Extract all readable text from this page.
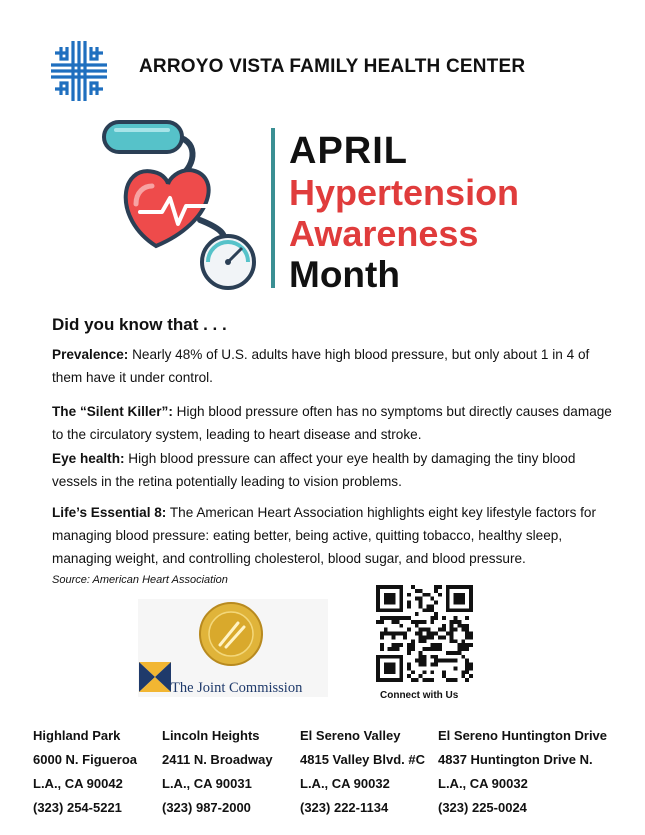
ARROYO VISTA FAMILY HEALTH CENTER
APRIL
Hypertension
Awareness
Month
Did you know that . . .
Prevalence: Nearly 48% of U.S. adults have high blood pressure, but only about 1 in 4 of them have it under control.
The “Silent Killer”: High blood pressure often has no symptoms but directly causes damage to the circulatory system, leading to heart disease and stroke.
Eye health: High blood pressure can affect your eye health by damaging the tiny blood vessels in the retina potentially leading to vision problems.
Life’s Essential 8: The American Heart Association highlights eight key lifestyle factors for managing blood pressure: eating better, being active, quitting tobacco, healthy sleep, managing weight, and controlling cholesterol, blood sugar, and blood pressure.
Source: American Heart Association
The Joint Commission	Connect with Us
Highland Park
6000 N. Figueroa
L.A., CA 90042
(323) 254-5221
Lincoln Heights
2411 N. Broadway
L.A., CA 90031
(323) 987-2000
El Sereno Valley
4815 Valley Blvd. #C
L.A., CA 90032
(323) 222-1134
El Sereno Huntington Drive
4837 Huntington Drive N.
L.A., CA 90032
(323) 225-0024
